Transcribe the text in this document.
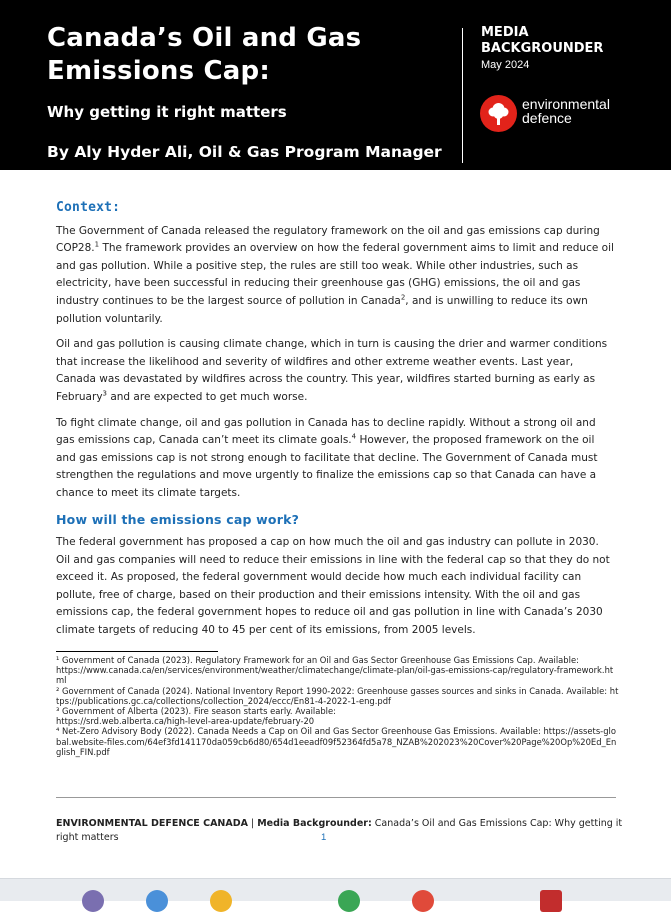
Canada’s Oil and Gas
Emissions Cap:
Why getting it right matters
By Aly Hyder Ali, Oil & Gas Program Manager
MEDIA
BACKGROUNDER
May 2024
environmental
defence
Context:

The Government of Canada released the regulatory framework on the oil and gas emissions cap during COP28.$^1$ The framework provides an overview on how the federal government aims to limit and reduce oil and gas pollution. While a positive step, the rules are still too weak. While other industries, such as electricity, have been successful in reducing their greenhouse gas (GHG) emissions, the oil and gas industry continues to be the largest source of pollution in Canada$^2$, and is unwilling to reduce its own pollution voluntarily.

Oil and gas pollution is causing climate change, which in turn is causing the drier and warmer conditions that increase the likelihood and severity of wildfires and other extreme weather events. Last year, Canada was devastated by wildfires across the country. This year, wildfires started burning as early as February$^3$ and are expected to get much worse.

To fight climate change, oil and gas pollution in Canada has to decline rapidly. Without a strong oil and gas emissions cap, Canada can’t meet its climate goals.$^4$ However, the proposed framework on the oil and gas emissions cap is not strong enough to facilitate that decline. The Government of Canada must strengthen the regulations and move urgently to finalize the emissions cap so that Canada can have a chance to meet its climate targets.

How will the emissions cap work?

The federal government has proposed a cap on how much the oil and gas industry can pollute in 2030. Oil and gas companies will need to reduce their emissions in line with the federal cap so that they do not exceed it. As proposed, the federal government would decide how much each individual facility can pollute, free of charge, based on their production and their emissions intensity. With the oil and gas emissions cap, the federal government hopes to reduce oil and gas pollution in line with Canada’s 2030 climate targets of reducing 40 to 45 per cent of its emissions, from 2005 levels.

¹ Government of Canada (2023). Regulatory Framework for an Oil and Gas Sector Greenhouse Gas Emissions Cap. Available:
https://www.canada.ca/en/services/environment/weather/climatechange/climate-plan/oil-gas-emissions-cap/regulatory-framework.html
² Government of Canada (2024). National Inventory Report 1990-2022: Greenhouse gasses sources and sinks in Canada. Available: https://publications.gc.ca/collections/collection_2024/eccc/En81-4-2022-1-eng.pdf
³ Government of Alberta (2023). Fire season starts early. Available:
https://srd.web.alberta.ca/high-level-area-update/february-20
⁴ Net-Zero Advisory Body (2022). Canada Needs a Cap on Oil and Gas Sector Greenhouse Gas Emissions. Available: https://assets-global.website-files.com/64ef3fd141170da059cb6d80/654d1eeadf09f52364fd5a78_NZAB%202023%20Cover%20Page%20Op%20Ed_English_FIN.pdf
ENVIRONMENTAL DEFENCE CANADA | Media Backgrounder: Canada’s Oil and Gas Emissions Cap: Why getting it right matters	1
